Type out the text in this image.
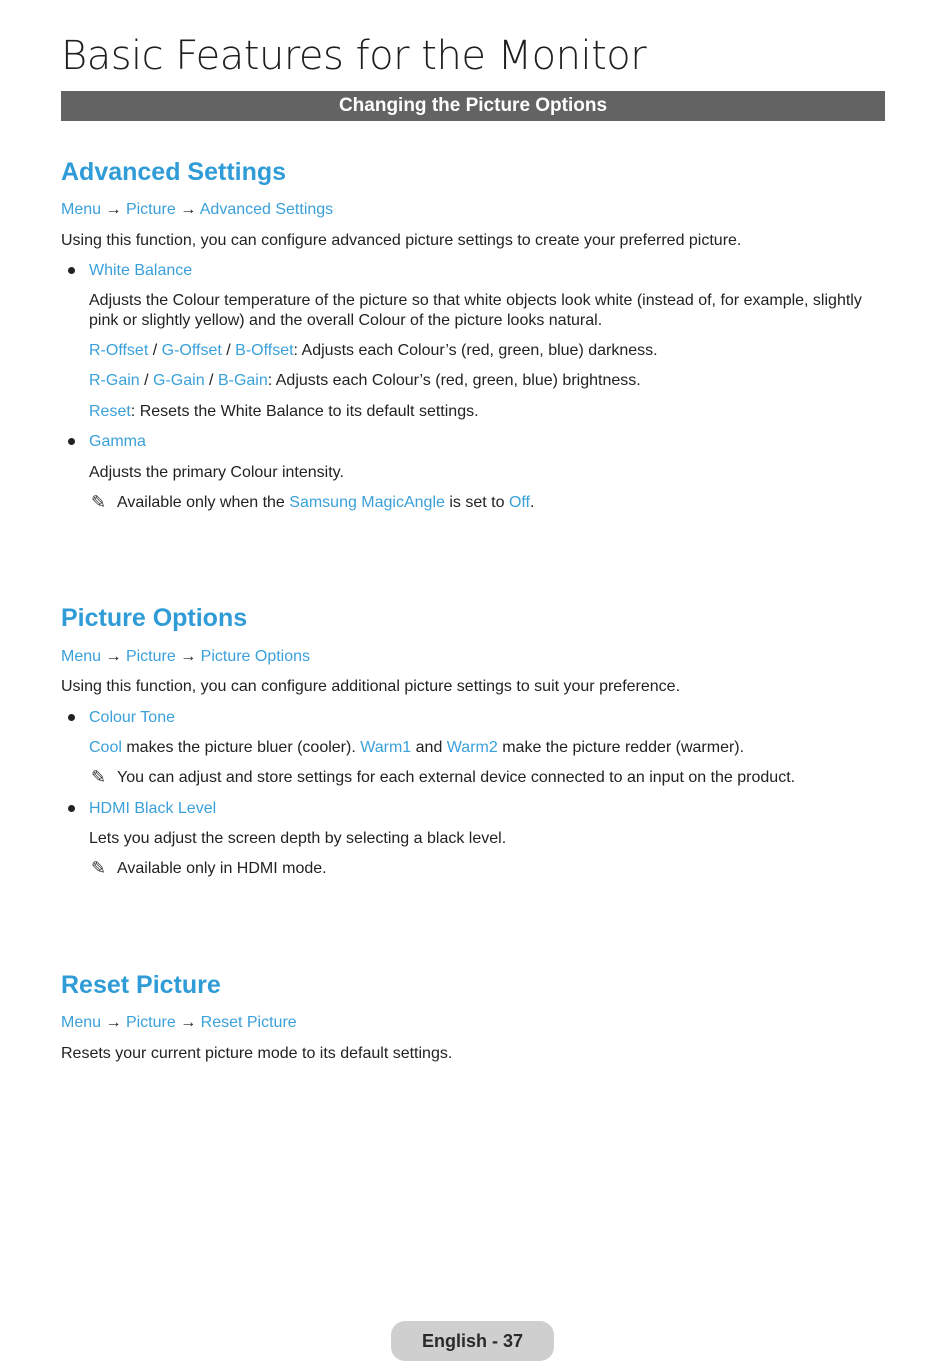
Basic Features for the Monitor
Changing the Picture Options
Advanced Settings
Menu → Picture → Advanced Settings
Using this function, you can configure advanced picture settings to create your preferred picture.
White Balance
Adjusts the Colour temperature of the picture so that white objects look white (instead of, for example, slightly pink or slightly yellow) and the overall Colour of the picture looks natural.
R-Offset / G-Offset / B-Offset: Adjusts each Colour’s (red, green, blue) darkness.
R-Gain / G-Gain / B-Gain: Adjusts each Colour’s (red, green, blue) brightness.
Reset: Resets the White Balance to its default settings.
Gamma
Adjusts the primary Colour intensity.
✎ Available only when the Samsung MagicAngle is set to Off.
Picture Options
Menu → Picture → Picture Options
Using this function, you can configure additional picture settings to suit your preference.
Colour Tone
Cool makes the picture bluer (cooler). Warm1 and Warm2 make the picture redder (warmer).
✎ You can adjust and store settings for each external device connected to an input on the product.
HDMI Black Level
Lets you adjust the screen depth by selecting a black level.
✎ Available only in HDMI mode.
Reset Picture
Menu → Picture → Reset Picture
Resets your current picture mode to its default settings.
English - 37
